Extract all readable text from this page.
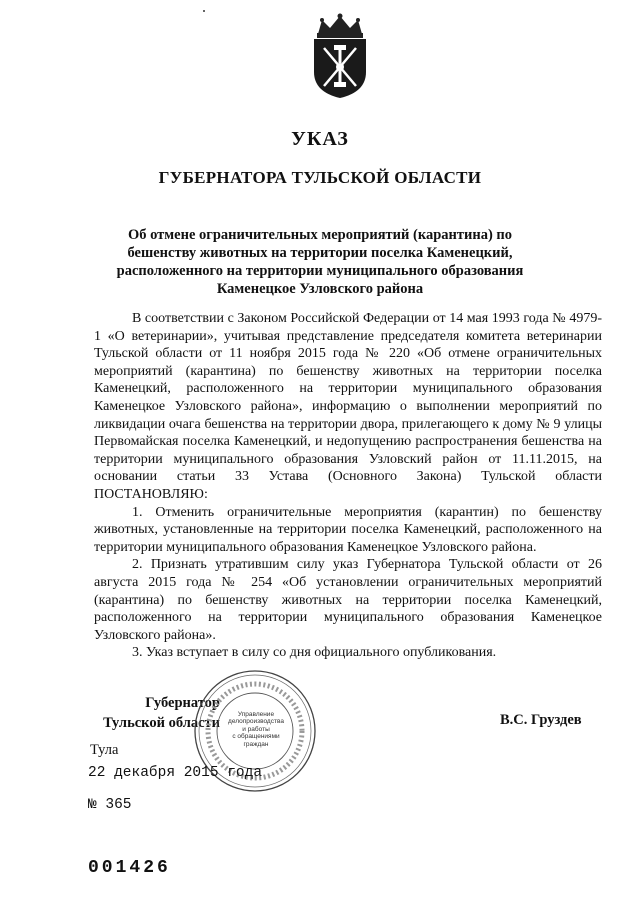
УКАЗ
ГУБЕРНАТОРА ТУЛЬСКОЙ ОБЛАСТИ
Об отмене ограничительных мероприятий (карантина) по бешенству животных на территории поселка Каменецкий, расположенного на территории муниципального образования Каменецкое Узловского района

В соответствии с Законом Российской Федерации от 14 мая 1993 года № 4979-1 «О ветеринарии», учитывая представление председателя комитета ветеринарии Тульской области от 11 ноября 2015 года № 220 «Об отмене ограничительных мероприятий (карантина) по бешенству животных на территории поселка Каменецкий, расположенного на территории муниципального образования Каменецкое Узловского района», информацию о выполнении мероприятий по ликвидации очага бешенства на территории двора, прилегающего к дому № 9 улицы Первомайская поселка Каменецкий, и недопущению распространения бешенства на территории муниципального образования Узловский район от 11.11.2015, на основании статьи 33 Устава (Основного Закона) Тульской области ПОСТАНОВЛЯЮ:

1. Отменить ограничительные мероприятия (карантин) по бешенству животных, установленные на территории поселка Каменецкий, расположенного на территории муниципального образования Каменецкое Узловского района.

2. Признать утратившим силу указ Губернатора Тульской области от 26 августа 2015 года № 254 «Об установлении ограничительных мероприятий (карантина) по бешенству животных на территории поселка Каменецкий, расположенного на территории муниципального образования Каменецкое Узловского района».

3. Указ вступает в силу со дня официального опубликования.

Губернатор
Тульской области
Управление
делопроизводства
и работы
с обращениями
граждан
В.С. Груздев
Тула
22 декабря 2015 года
№ 365
001426
